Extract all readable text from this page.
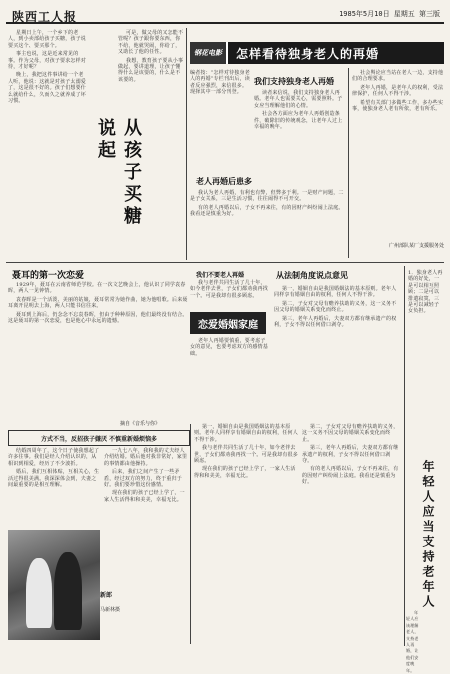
陕西工人报	1985年5月10日 星期五 第三版

星期日上午，一个乡下的老人，到小卖部给孩子买糖，孩子说要买这个、要买那个。

事主也说，这是近来常见的事。作为父母，对孩子要求怎样对待，才好呢？

晚上，我把这件事讲给一个老人听，他说：这就是对孩子太溺爱了，这是很不好的。孩子们想要什么就给什么，久而久之就养成了坏习惯。

从孩子买糖说起

可是，做父母的又怎能不管呢？孩子跟你要东西，你不给，他就哭闹，你给了，又助长了他的任性。

我想，教育孩子要从小事做起，要讲道理，让孩子懂得什么是该要的，什么是不该要的。

钢花电影	怎样看待独身老人的再婚

编者按：“怎样对待独身老人的再婚”专栏刊出后，读者反应强烈，来信很多。现择其中一部分刊登。

我们支持独身老人再婚

读者来信说，我们支持独身老人再婚。老年人也需要关心，需要照料。子女应当理解他们的心情。

社会各方面应为老年人再婚创造条件，破除旧的传统观念，让老年人过上幸福的晚年。

社会舆论应当站在老人一边，支持他们的合理要求。

老年人再婚，是老年人的权利，受法律保护，任何人不得干涉。

希望有关部门多做些工作，多办些实事，使独身老人老有所依，老有所乐。

广州部队某厂支援服务处
老人再婚后患多

我认为老人再婚，有利也有弊，但弊多于利。一是财产问题，二是子女关系，三是生活习惯，往往闹得不可开交。

有的老人再婚以后，子女不再来往，有的因财产纠纷闹上法庭。我看还是慎重为好。

聂耳的第一次恋爱

1929年，聂耳在云南省师范学校。在一次文艺晚会上，他认识了同学袁春晖，两人一见钟情。

袁春晖是一个活泼、美丽的姑娘，聂耳常常为她作曲，她为他唱歌。后来聂耳离开昆明去上海，两人只能书信往来。

聂耳到上海后，仍念念不忘袁春晖，但由于种种原因，他们最终没有结合。这是聂耳的第一次恋爱，也是他心中永远的遗憾。

摘自《音乐与你》
恋爱婚姻家庭
我们不要老人再婚

我与老伴共同生活了几十年，如今老伴去世，子女们都劝我再找一个。可是我却有很多顾虑。

老年人再婚要慎重，要考虑子女的意见，也要考虑双方的感情基础。

从法制角度说点意见

第一，婚姻自由是我国婚姻法的基本原则。老年人同样享有婚姻自由的权利，任何人不得干涉。

第二，子女对父母有赡养扶助的义务，这一义务不因父母的婚姻关系变化而终止。

第三，老年人再婚后，夫妻双方都有继承遗产的权利，子女不得以任何借口剥夺。

1．独身老人再婚的好处，一是可以相互照顾；二是可以排遣寂寞，三是可以减轻子女负担。

年轻人应当支持老年人

年轻人应该理解老人，支持老人再婚，让他们安度晚年。

方式不当，反招孩子嫌厌 不慎重新婚烦恼多

结婚四周年了，这个日子使我想起了许多往事。我们是经人介绍认识的，从相识到相爱，经历了不少波折。

婚后，我们互相体贴，互相关心，生活过得很美满。我深深体会到，夫妻之间最重要的是相互理解。

新郎
马新林摄

一九七八年，我和我的丈夫经人介绍结婚。婚后他对我非常好，家里的事情都由他操持。

后来，我们之间产生了一些矛盾，经过双方的努力，终于重归于好。我们要珍惜这份感情。

现在我们的孩子已经上学了，一家人生活得和和美美，幸福无比。

第一，婚姻自由是我国婚姻法的基本原则。老年人同样享有婚姻自由的权利，任何人不得干涉。

我与老伴共同生活了几十年，如今老伴去世，子女们都劝我再找一个。可是我却有很多顾虑。

现在我们的孩子已经上学了，一家人生活得和和美美，幸福无比。

第二，子女对父母有赡养扶助的义务，这一义务不因父母的婚姻关系变化而终止。

第三，老年人再婚后，夫妻双方都有继承遗产的权利，子女不得以任何借口剥夺。

有的老人再婚以后，子女不再来往，有的因财产纠纷闹上法庭。我看还是慎重为好。
